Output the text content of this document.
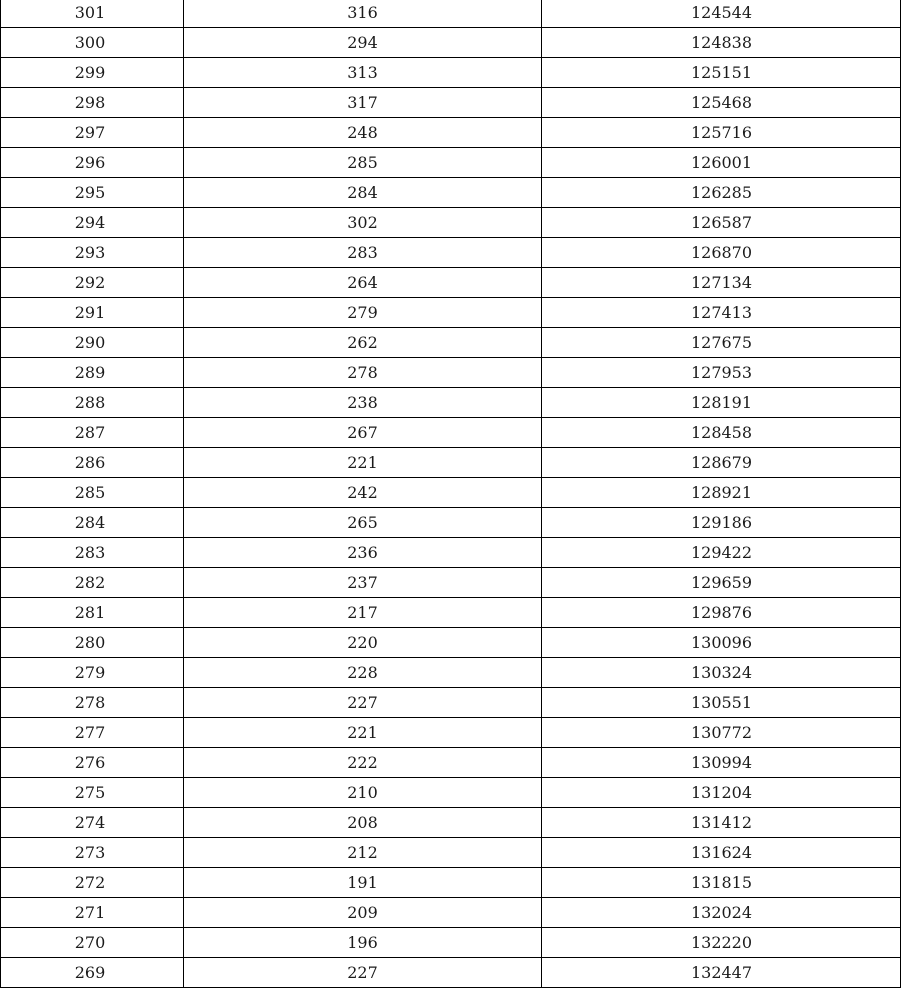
301	316	124544
300	294	124838
299	313	125151
298	317	125468
297	248	125716
296	285	126001
295	284	126285
294	302	126587
293	283	126870
292	264	127134
291	279	127413
290	262	127675
289	278	127953
288	238	128191
287	267	128458
286	221	128679
285	242	128921
284	265	129186
283	236	129422
282	237	129659
281	217	129876
280	220	130096
279	228	130324
278	227	130551
277	221	130772
276	222	130994
275	210	131204
274	208	131412
273	212	131624
272	191	131815
271	209	132024
270	196	132220
269	227	132447
